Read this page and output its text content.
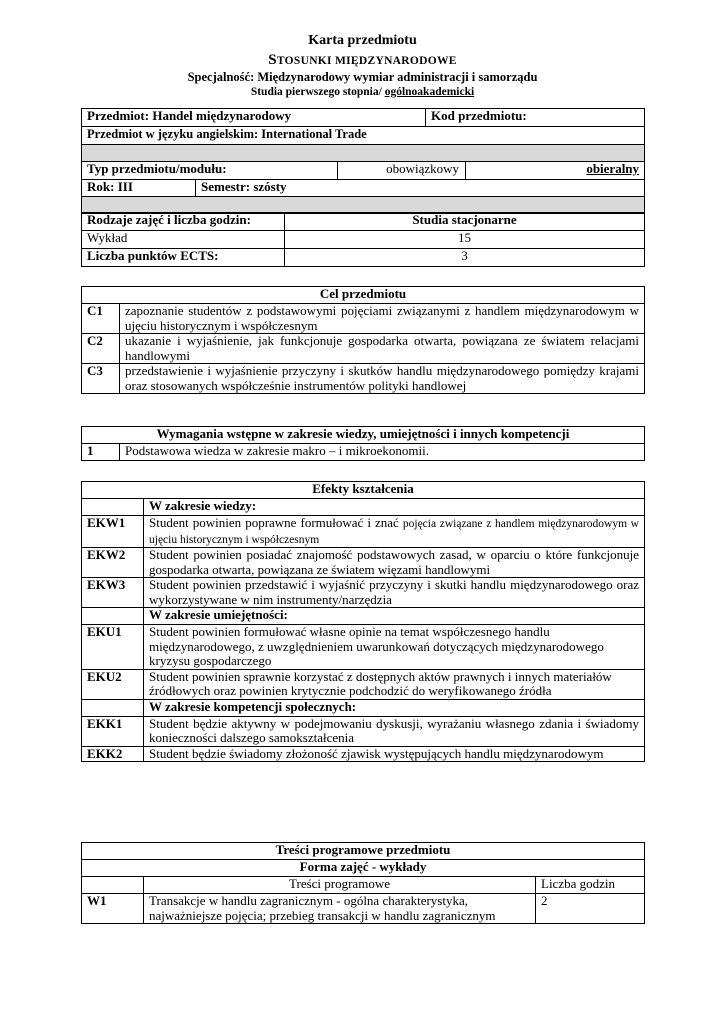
Karta przedmiotu
STOSUNKI MIĘDZYNARODOWE
Specjalność: Międzynarodowy wymiar administracji i samorządu
Studia pierwszego stopnia/ ogólnoakademicki
Przedmiot: Handel międzynarodowy			Kod przedmiotu:	
Przedmiot w języku angielskim: International Trade				

Typ przedmiotu/modułu:		obowiązkowy		obieralny
Rok: III	Semestr: szósty			

Rodzaje zajęć i liczba godzin:	Studia stacjonarne
Wykład	15
Liczba punktów ECTS:	3
Cel przedmiotu	
C1	zapoznanie studentów z podstawowymi pojęciami związanymi z handlem międzynarodowym w ujęciu historycznym i współczesnym
C2	ukazanie i wyjaśnienie, jak funkcjonuje gospodarka otwarta, powiązana ze światem relacjami handlowymi
C3	przedstawienie i wyjaśnienie przyczyny i skutków handlu międzynarodowego pomiędzy krajami oraz stosowanych współcześnie instrumentów polityki handlowej
Wymagania wstępne w zakresie wiedzy, umiejętności i innych kompetencji
1	Podstawowa wiedza w zakresie makro – i mikroekonomii.
Efekty kształcenia	
	W zakresie wiedzy:
EKW1	Student powinien poprawne formułować i znać pojęcia związane z handlem międzynarodowym w ujęciu historycznym i współczesnym
EKW2	Student powinien posiadać znajomość podstawowych zasad, w oparciu o które funkcjonuje gospodarka otwarta, powiązana ze światem więzami handlowymi
EKW3	Student powinien przedstawić i wyjaśnić przyczyny i skutki handlu międzynarodowego oraz wykorzystywane w nim instrumenty/narzędzia
	W zakresie umiejętności:
EKU1	Student powinien formułować własne opinie na temat współczesnego handlu międzynarodowego, z uwzględnieniem uwarunkowań dotyczących międzynarodowego kryzysu gospodarczego
EKU2	Student powinien sprawnie korzystać z dostępnych aktów prawnych i innych materiałów źródłowych oraz powinien krytycznie podchodzić do weryfikowanego źródła
	W zakresie kompetencji społecznych:
EKK1	Student będzie aktywny w podejmowaniu dyskusji, wyrażaniu własnego zdania i świadomy konieczności dalszego samokształcenia
EKK2	Student będzie świadomy złożoność zjawisk występujących handlu międzynarodowym
Treści programowe przedmiotu		
Forma zajęć - wykłady		
	Treści programowe	Liczba godzin
W1	Transakcje w handlu zagranicznym - ogólna charakterystyka, najważniejsze pojęcia; przebieg transakcji w handlu zagranicznym	2
